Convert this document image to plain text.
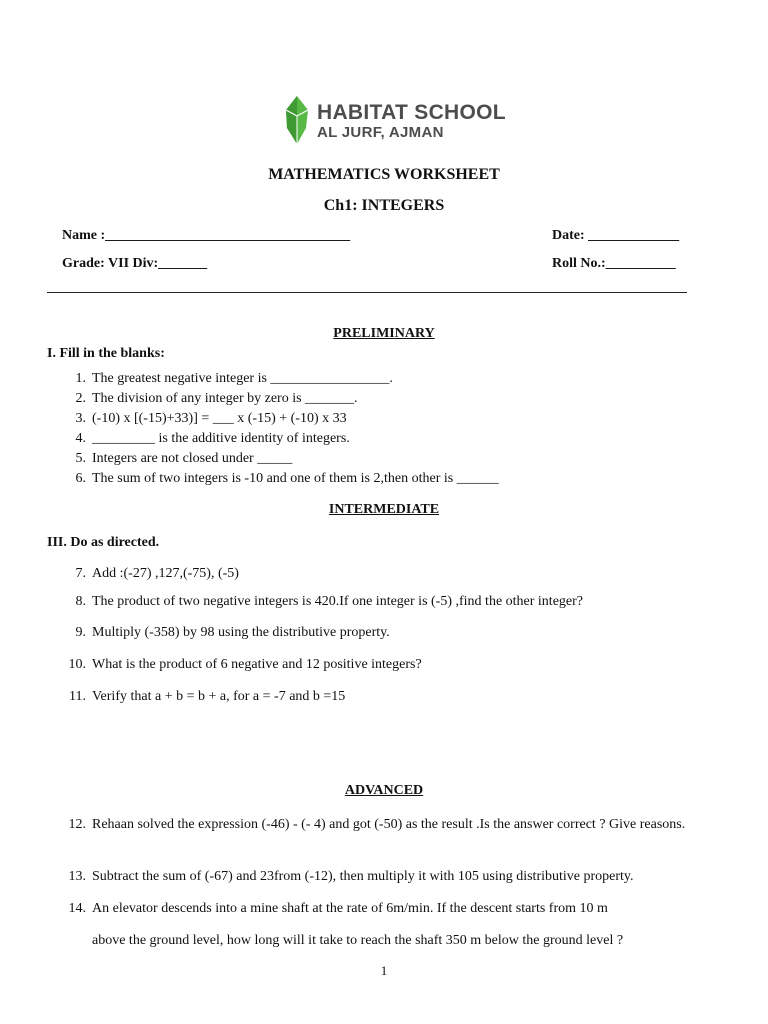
HABITAT SCHOOL
AL JURF, AJMAN
MATHEMATICS WORKSHEET
Ch1: INTEGERS
Name :___________________________________	Date: _____________
Grade: VII Div:_______	Roll No.:__________
PRELIMINARY
I. Fill in the blanks:
1. The greatest negative integer is _________________.
2. The division of any integer by zero is _______.
3. (-10) x [(-15)+33)] = ___ x (-15) + (-10) x 33
4. _________ is the additive identity of integers.
5. Integers are not closed under _____
6. The sum of two integers is -10 and one of them is 2,then other is ______
INTERMEDIATE
III. Do as directed.
7. Add :(-27) ,127,(-75), (-5)
8. The product of two negative integers is 420.If one integer is (-5) ,find the other integer?
9. Multiply (-358) by 98 using the distributive property.
10. What is the product of 6 negative and 12 positive integers?
11. Verify that a + b = b + a, for a = -7 and b =15
ADVANCED
12. Rehaan solved the expression (-46) - (- 4) and got (-50) as the result .Is the answer correct ? Give reasons.
13. Subtract the sum of (-67) and 23from (-12), then multiply it with 105 using distributive property.
14. An elevator descends into a mine shaft at the rate of 6m/min. If the descent starts from 10 m
above the ground level, how long will it take to reach the shaft 350 m below the ground level ?
1
